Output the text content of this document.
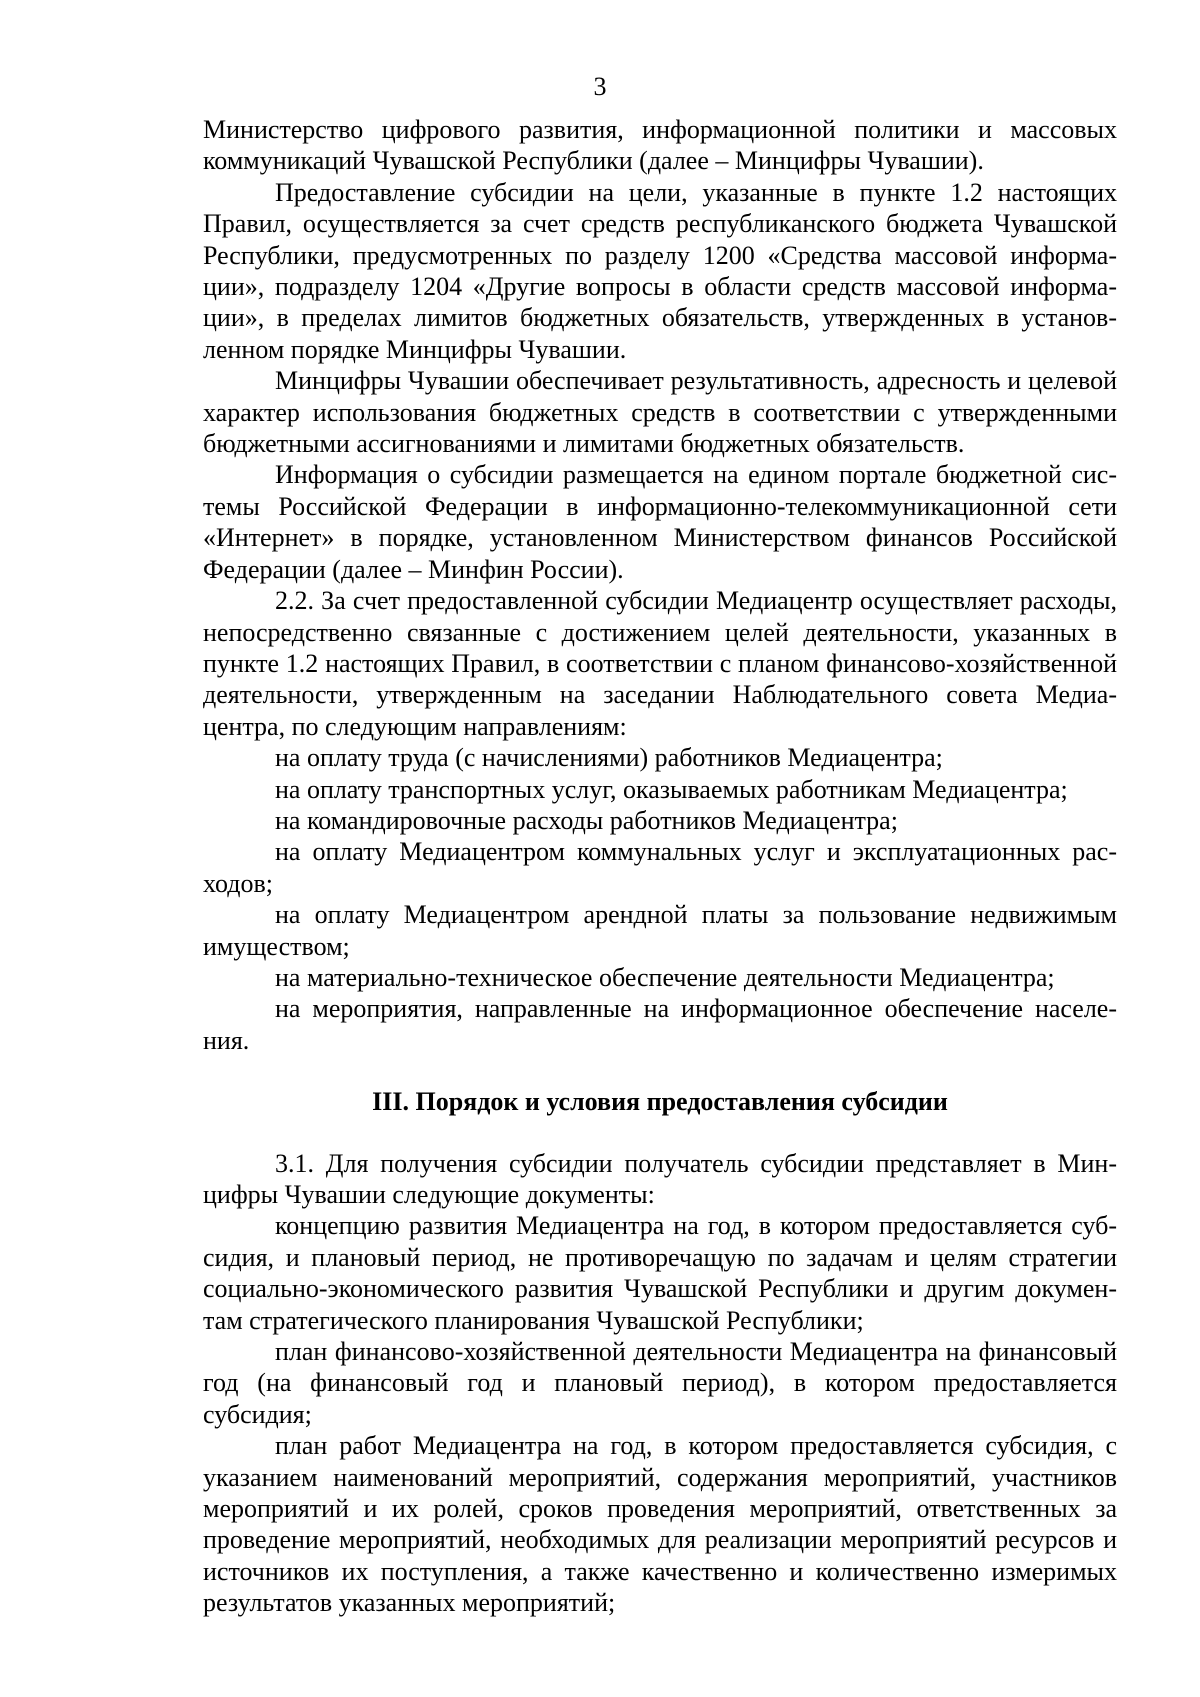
3

Министерство цифрового развития, информационной политики и массовых коммуникаций Чувашской Республики (далее – Минцифры Чувашии).

Предоставление субсидии на цели, указанные в пункте 1.2 настоящих Правил, осуществляется за счет средств республиканского бюджета Чувашской Республики, предусмотренных по разделу 1200 «Средства массовой информации», подразделу 1204 «Другие вопросы в области средств массовой информации», в пределах лимитов бюджетных обязательств, утвержденных в установленном порядке Минцифры Чувашии.

Минцифры Чувашии обеспечивает результативность, адресность и целевой характер использования бюджетных средств в соответствии с утвержденными бюджетными ассигнованиями и лимитами бюджетных обязательств.

Информация о субсидии размещается на едином портале бюджетной системы Российской Федерации в информационно-телекоммуникационной сети «Интернет» в порядке, установленном Министерством финансов Российской Федерации (далее – Минфин России).

2.2. За счет предоставленной субсидии Медиацентр осуществляет расходы, непосредственно связанные с достижением целей деятельности, указанных в пункте 1.2 настоящих Правил, в соответствии с планом финансово-хозяйственной деятельности, утвержденным на заседании Наблюдательного совета Медиацентра, по следующим направлениям:

на оплату труда (с начислениями) работников Медиацентра;

на оплату транспортных услуг, оказываемых работникам Медиацентра;

на командировочные расходы работников Медиацентра;

на оплату Медиацентром коммунальных услуг и эксплуатационных расходов;

на оплату Медиацентром арендной платы за пользование недвижимым имуществом;

на материально-техническое обеспечение деятельности Медиацентра;

на мероприятия, направленные на информационное обеспечение населения.

III. Порядок и условия предоставления субсидии

3.1. Для получения субсидии получатель субсидии представляет в Минцифры Чувашии следующие документы:

концепцию развития Медиацентра на год, в котором предоставляется субсидия, и плановый период, не противоречащую по задачам и целям стратегии социально-экономического развития Чувашской Республики и другим документам стратегического планирования Чувашской Республики;

план финансово-хозяйственной деятельности Медиацентра на финансовый год (на финансовый год и плановый период), в котором предоставляется субсидия;

план работ Медиацентра на год, в котором предоставляется субсидия, с указанием наименований мероприятий, содержания мероприятий, участников мероприятий и их ролей, сроков проведения мероприятий, ответственных за проведение мероприятий, необходимых для реализации мероприятий ресурсов и источников их поступления, а также качественно и количественно измеримых результатов указанных мероприятий;
